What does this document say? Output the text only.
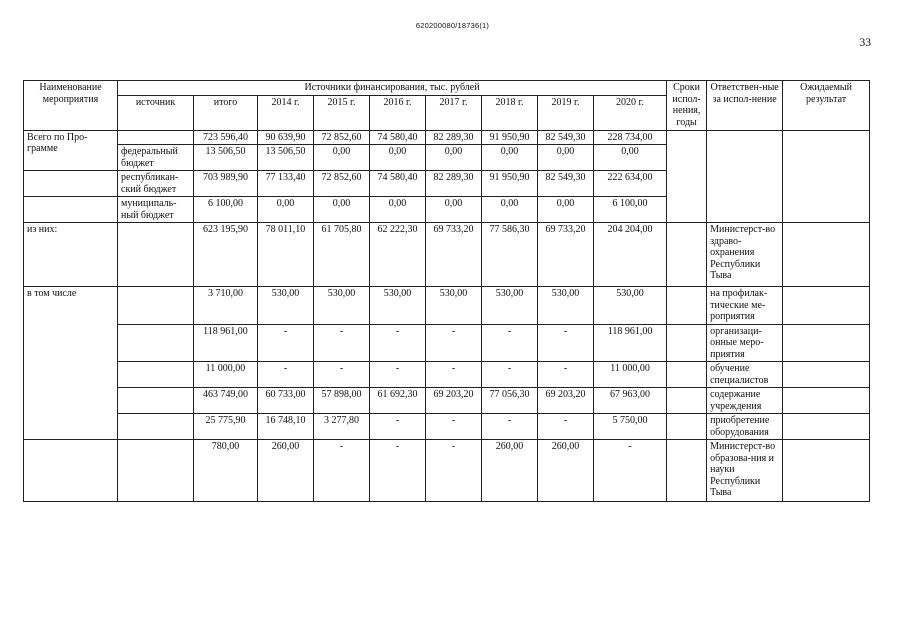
620200080/18736(1)
33
Наименование мероприятия	Источники финансирования, тыс. рублей									Сроки испол-нения, годы	Ответствен-ные за испол-нение	Ожидаемый результат
	источник	итого	2014 г.	2015 г.	2016 г.	2017 г.	2018 г.	2019 г.	2020 г.			
Всего по Про-грамме		723 596,40	90 639,90	72 852,60	74 580,40	82 289,30	91 950,90	82 549,30	228 734,00			
	федеральный бюджет	13 506,50	13 506,50	0,00	0,00	0,00	0,00	0,00	0,00			
	республикан-ский бюджет	703 989,90	77 133,40	72 852,60	74 580,40	82 289,30	91 950,90	82 549,30	222 634,00			
	муниципаль-ный бюджет	6 100,00	0,00	0,00	0,00	0,00	0,00	0,00	6 100,00			
из них:		623 195,90	78 011,10	61 705,80	62 222,30	69 733,20	77 586,30	69 733,20	204 204,00		Министерст-во здраво-охранения Республики Тыва	
в том числе		3 710,00	530,00	530,00	530,00	530,00	530,00	530,00	530,00		на профилак-тические ме-роприятия	
		118 961,00	-	-	-	-	-	-	118 961,00		организаци-онные меро-приятия	
		11 000,00	-	-	-	-	-	-	11 000,00		обучение специалистов	
		463 749,00	60 733,00	57 898,00	61 692,30	69 203,20	77 056,30	69 203,20	67 963,00		содержание учреждения	
		25 775,90	16 748,10	3 277,80	-	-	-	-	5 750,00		приобретение оборудования	
		780,00	260,00	-	-	-	260,00	260,00	-		Министерст-во образова-ния и науки Республики Тыва	
